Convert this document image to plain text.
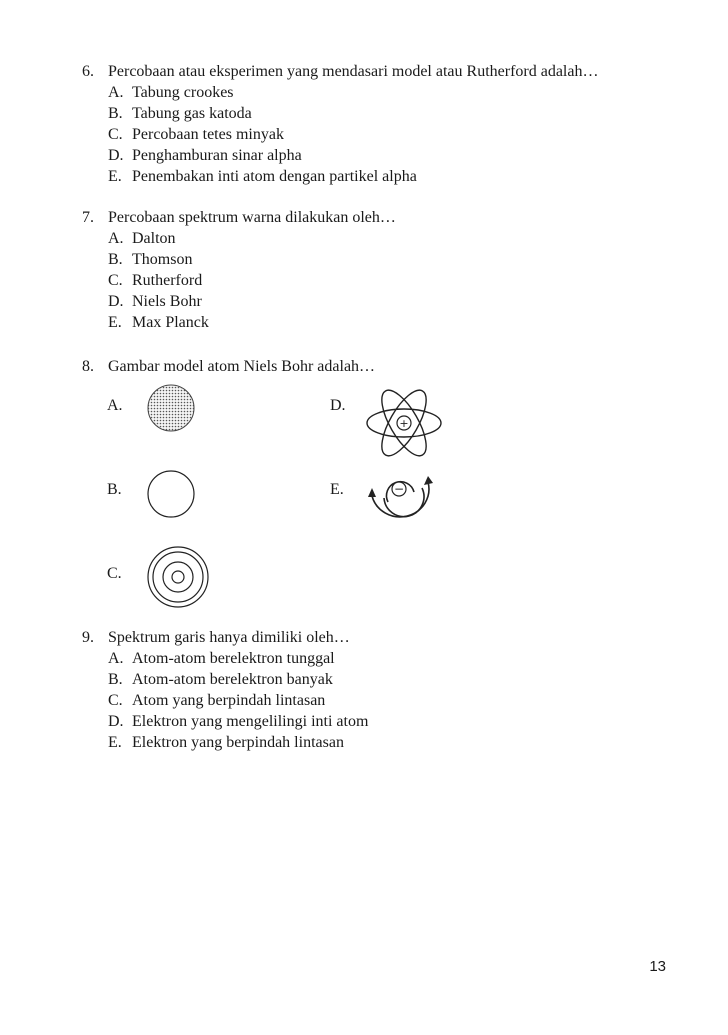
6. Percobaan atau eksperimen yang mendasari model atau Rutherford adalah…
A. Tabung crookes
B. Tabung gas katoda
C. Percobaan tetes minyak
D. Penghamburan sinar alpha
E. Penembakan inti atom dengan partikel alpha
7. Percobaan spektrum warna dilakukan oleh…
A. Dalton
B. Thomson
C. Rutherford
D. Niels Bohr
E. Max Planck
8. Gambar model atom Niels Bohr adalah…
A.
B.
C.
D.
E.
+
−
9. Spektrum garis hanya dimiliki oleh…
A. Atom-atom berelektron tunggal
B. Atom-atom berelektron banyak
C. Atom yang berpindah lintasan
D. Elektron yang mengelilingi inti atom
E. Elektron yang berpindah lintasan
13
